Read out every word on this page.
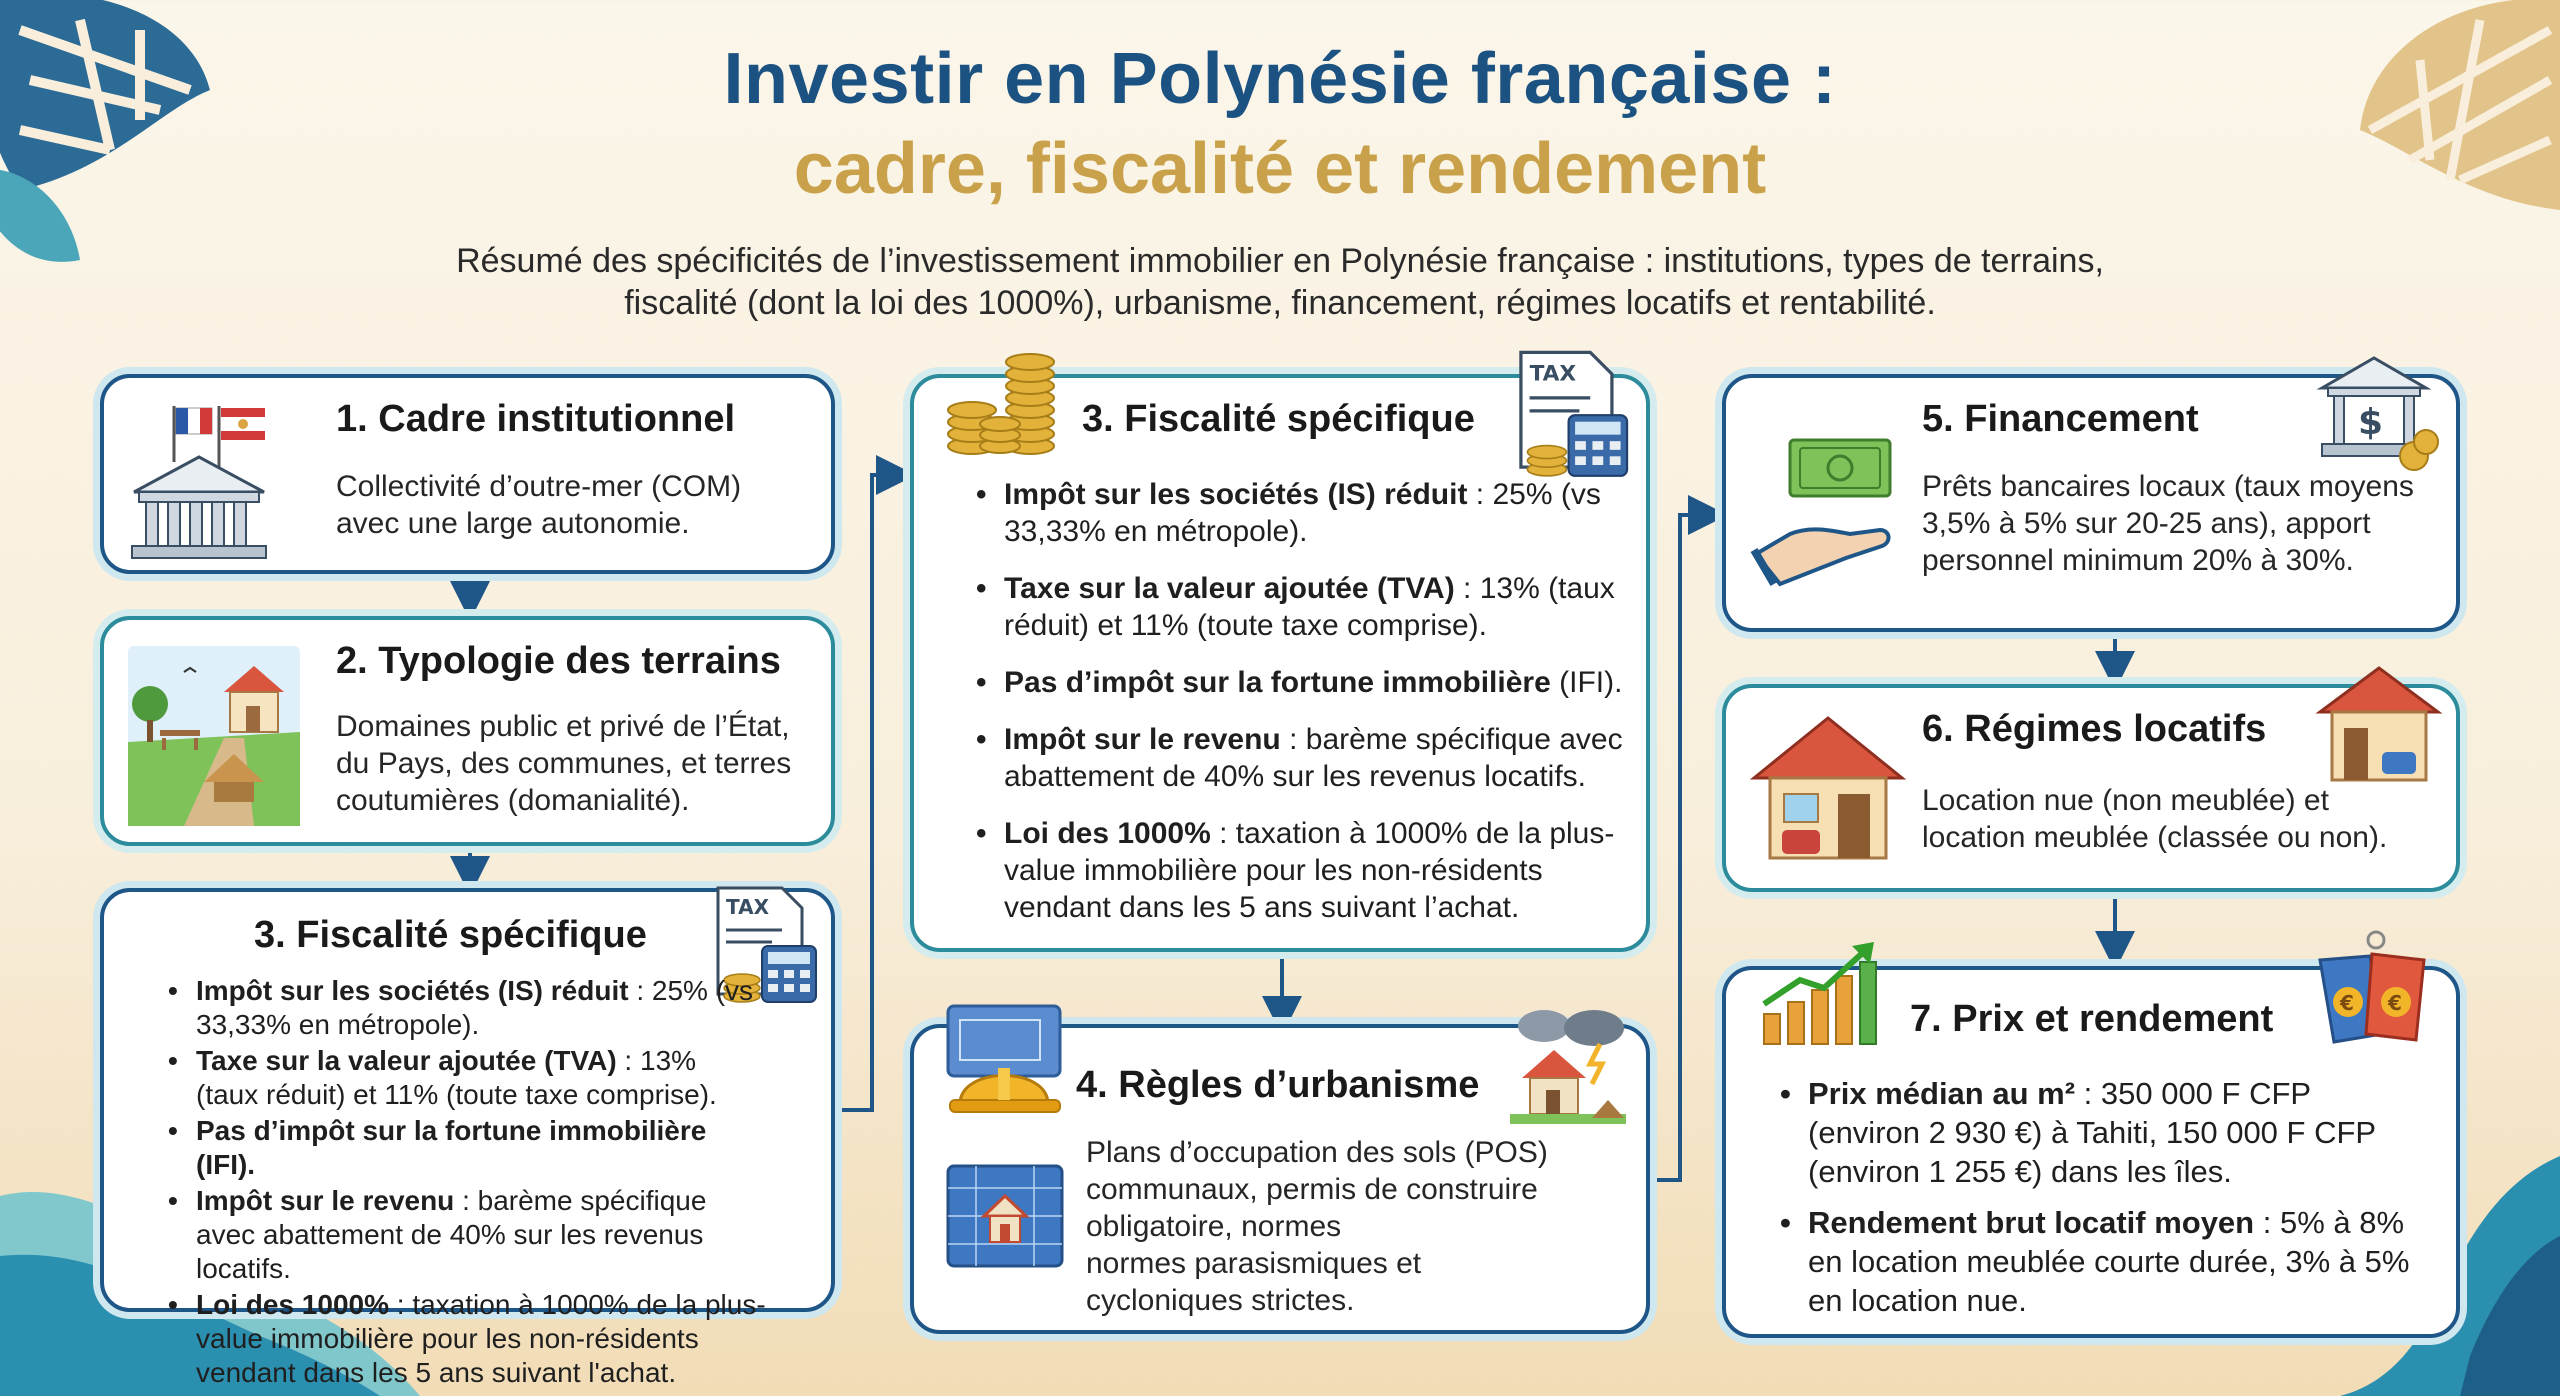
Investir en Polynésie française :
cadre, fiscalité et rendement
Résumé des spécificités de l’investissement immobilier en Polynésie française : institutions, types de terrains,
fiscalité (dont la loi des 1000%), urbanisme, financement, régimes locatifs et rentabilité.
1. Cadre institutionnel
Collectivité d’outre-mer (COM) avec une large autonomie.
2. Typologie des terrains
Domaines public et privé de l’État, du Pays, des communes, et terres coutumières (domanialité).
3. Fiscalité spécifique
TAX
• Impôt sur les sociétés (IS) réduit : 25% (vs 33,33% en métropole).
• Taxe sur la valeur ajoutée (TVA) : 13% (taux réduit) et 11% (toute taxe comprise).
• Pas d’impôt sur la fortune immobilière (IFI).
• Impôt sur le revenu : barème spécifique avec abattement de 40% sur les revenus locatifs.
• Loi des 1000% : taxation à 1000% de la plus-value immobilière pour les non-résidents vendant dans les 5 ans suivant l'achat.
3. Fiscalité spécifique
TAX
• Impôt sur les sociétés (IS) réduit : 25% (vs 33,33% en métropole).
• Taxe sur la valeur ajoutée (TVA) : 13% (taux réduit) et 11% (toute taxe comprise).
• Pas d’impôt sur la fortune immobilière (IFI).
• Impôt sur le revenu : barème spécifique avec abattement de 40% sur les revenus locatifs.
• Loi des 1000% : taxation à 1000% de la plus-value immobilière pour les non-résidents vendant dans les 5 ans suivant l’achat.
4. Règles d’urbanisme
Plans d’occupation des sols (POS)
communaux, permis de construire
obligatoire, normes
normes parasismiques et
cycloniques strictes.
5. Financement	$
Prêts bancaires locaux (taux moyens 3,5% à 5% sur 20-25 ans), apport personnel minimum 20% à 30%.
6. Régimes locatifs
Location nue (non meublée) et location meublée (classée ou non).
7. Prix et rendement	€ €
• Prix médian au m² : 350 000 F CFP (environ 2 930 €) à Tahiti, 150 000 F CFP (environ 1 255 €) dans les îles.
• Rendement brut locatif moyen : 5% à 8% en location meublée courte durée, 3% à 5% en location nue.
